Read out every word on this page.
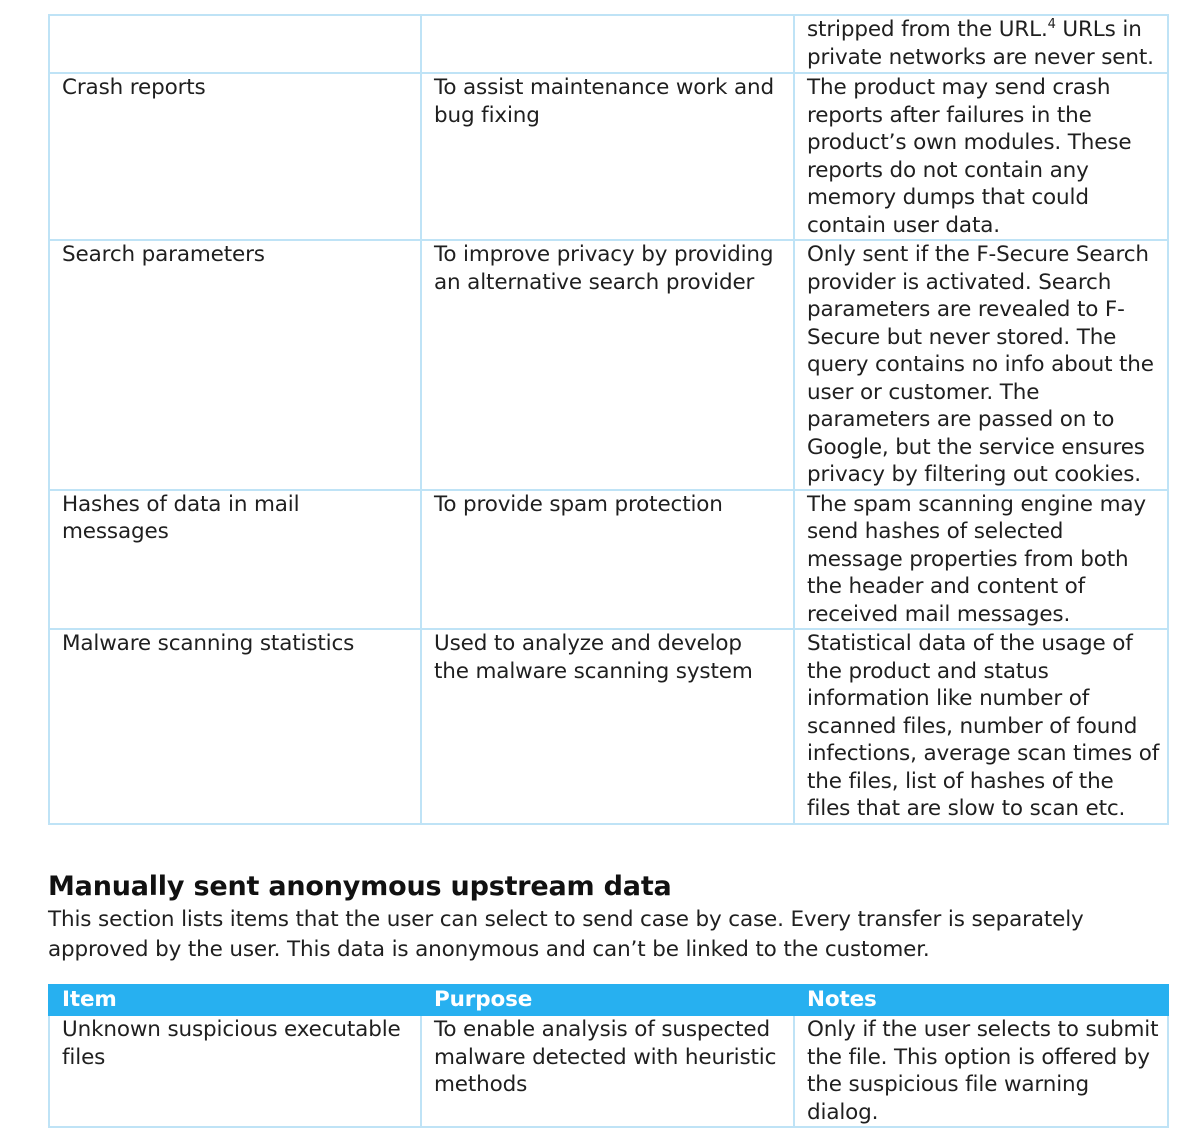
		stripped from the URL.$^4$ URLs in private networks are never sent.
Crash reports	To assist maintenance work and bug fixing	The product may send crash reports after failures in the product’s own modules. These reports do not contain any memory dumps that could contain user data.
Search parameters	To improve privacy by providing an alternative search provider	Only sent if the F-Secure Search provider is activated. Search parameters are revealed to F-Secure but never stored. The query contains no info about the user or customer. The parameters are passed on to Google, but the service ensures privacy by filtering out cookies.
Hashes of data in mail messages	To provide spam protection	The spam scanning engine may send hashes of selected message properties from both the header and content of received mail messages.
Malware scanning statistics	Used to analyze and develop the malware scanning system	Statistical data of the usage of the product and status information like number of scanned files, number of found infections, average scan times of the files, list of hashes of the files that are slow to scan etc.
Manually sent anonymous upstream data

This section lists items that the user can select to send case by case. Every transfer is separately approved by the user. This data is anonymous and can’t be linked to the customer.

Item	Purpose	Notes
Unknown suspicious executable files	To enable analysis of suspected malware detected with heuristic methods	Only if the user selects to submit the file. This option is offered by the suspicious file warning dialog.
